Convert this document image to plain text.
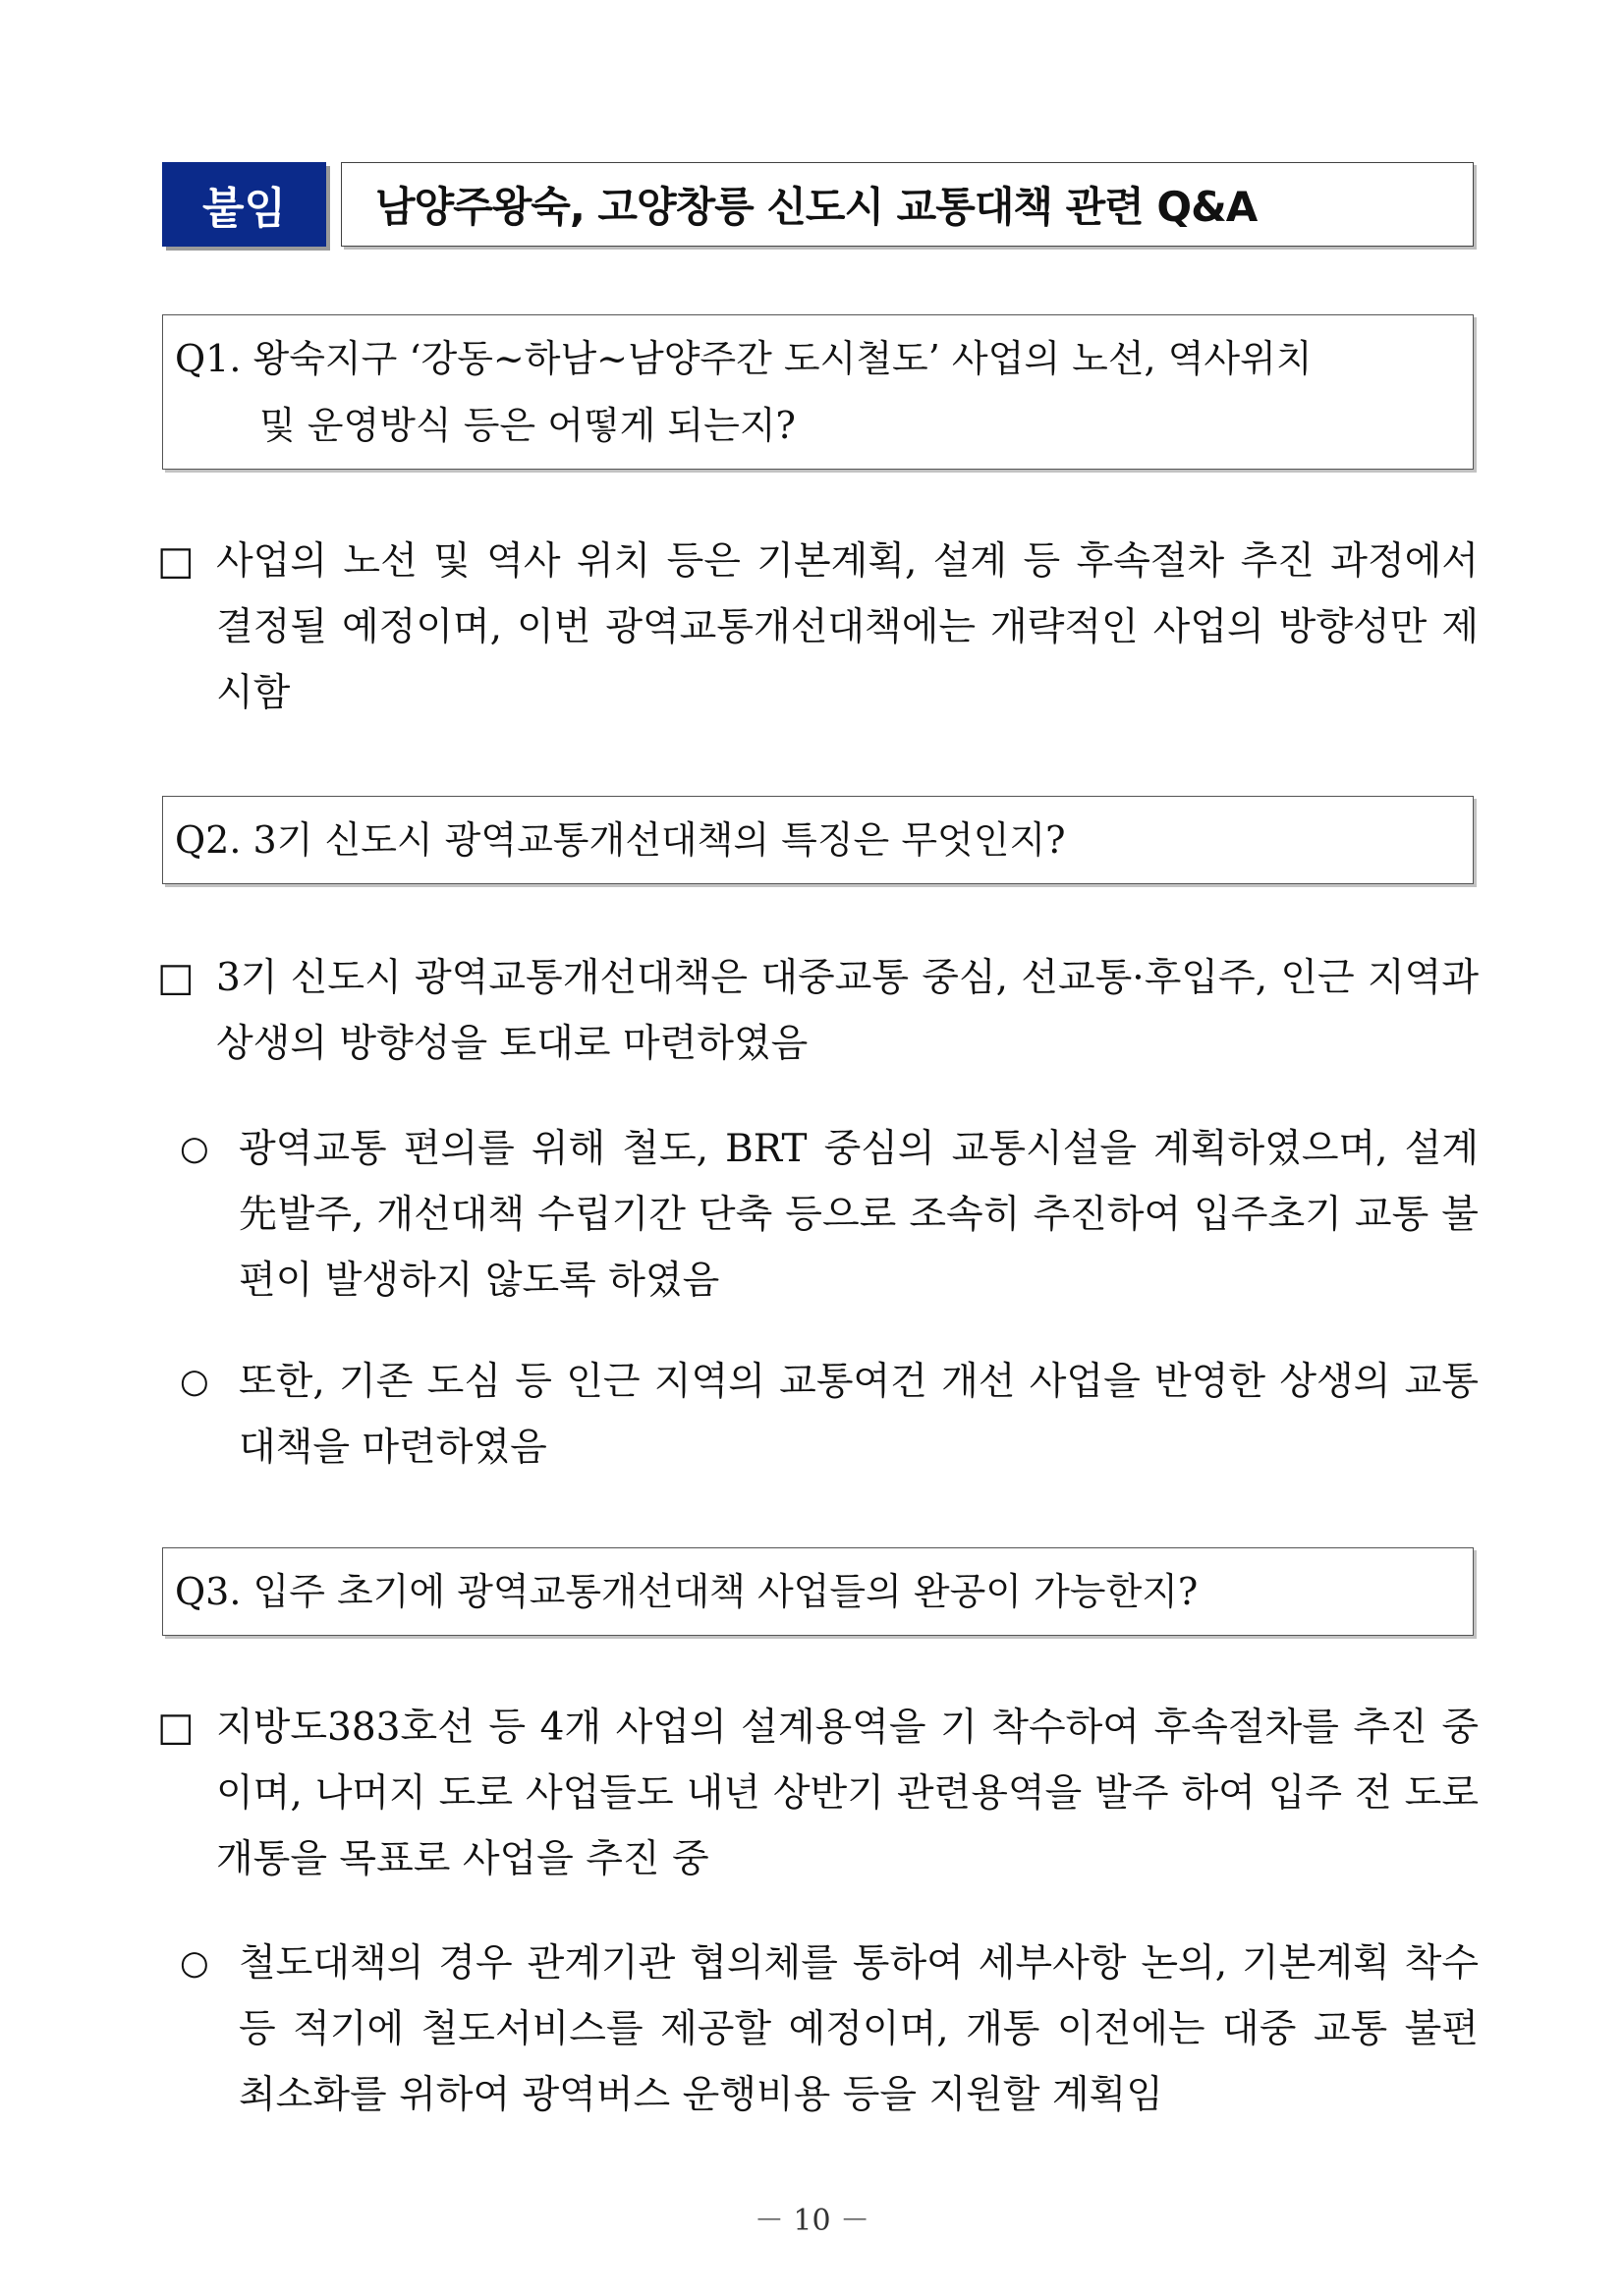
붙임	남양주왕숙, 고양창릉 신도시 교통대책 관련 Q&A
Q1. 왕숙지구 ‘강동~하남~남양주간 도시철도’ 사업의 노선, 역사위치
및 운영방식 등은 어떻게 되는지?
□ 사업의 노선 및 역사 위치 등은 기본계획, 설계 등 후속절차 추진 과정에서 결정될 예정이며, 이번 광역교통개선대책에는 개략적인 사업의 방향성만 제시함
Q2. 3기 신도시 광역교통개선대책의 특징은 무엇인지?
□ 3기 신도시 광역교통개선대책은 대중교통 중심, 선교통·후입주, 인근 지역과 상생의 방향성을 토대로 마련하였음
○ 광역교통 편의를 위해 철도, BRT 중심의 교통시설을 계획하였으며, 설계 先발주, 개선대책 수립기간 단축 등으로 조속히 추진하여 입주초기 교통 불편이 발생하지 않도록 하였음
○ 또한, 기존 도심 등 인근 지역의 교통여건 개선 사업을 반영한 상생의 교통대책을 마련하였음
Q3. 입주 초기에 광역교통개선대책 사업들의 완공이 가능한지?
□ 지방도383호선 등 4개 사업의 설계용역을 기 착수하여 후속절차를 추진 중이며, 나머지 도로 사업들도 내년 상반기 관련용역을 발주 하여 입주 전 도로개통을 목표로 사업을 추진 중
○ 철도대책의 경우 관계기관 협의체를 통하여 세부사항 논의, 기본계획 착수 등 적기에 철도서비스를 제공할 예정이며, 개통 이전에는 대중 교통 불편 최소화를 위하여 광역버스 운행비용 등을 지원할 계획임
－ 10 －
